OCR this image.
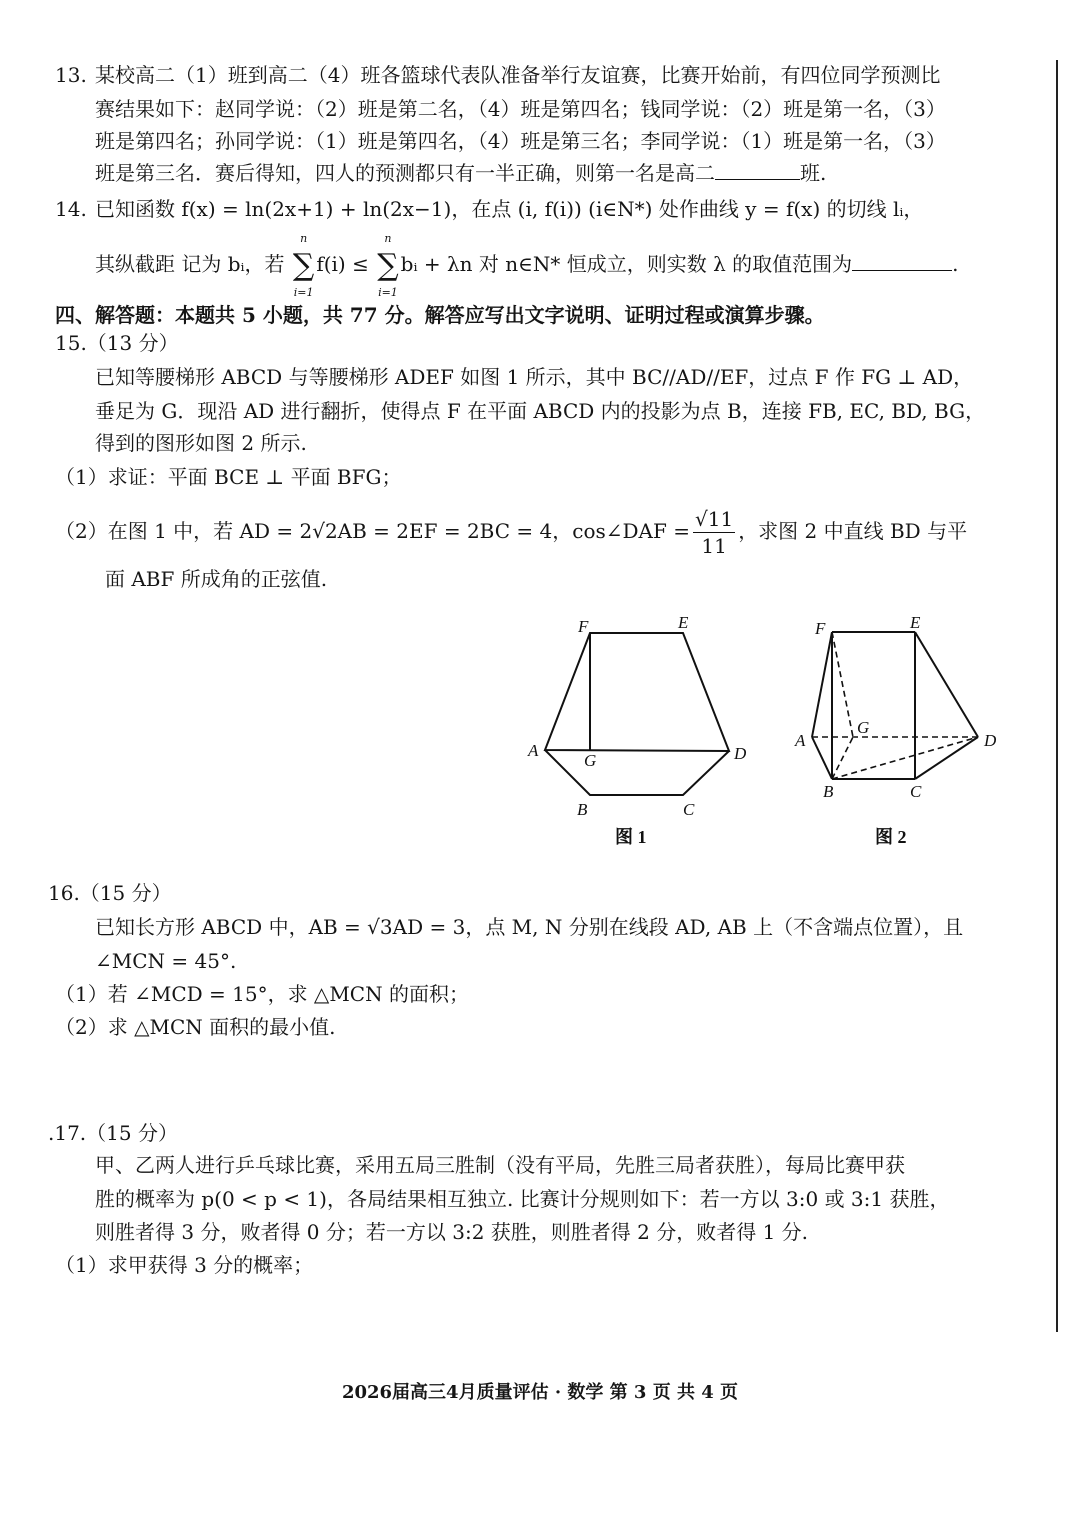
13. 某校高二（1）班到高二（4）班各篮球代表队准备举行友谊赛，比赛开始前，有四位同学预测比
赛结果如下：赵同学说：（2）班是第二名，（4）班是第四名；钱同学说：（2）班是第一名，（3）
班是第四名；孙同学说：（1）班是第四名，（4）班是第三名；李同学说：（1）班是第一名，（3）
班是第三名．赛后得知，四人的预测都只有一半正确，则第一名是高二	班.
14. 已知函数 f(x) = ln(2x+1) + ln(2x−1)，在点 (i, f(i)) (i∈N*) 处作曲线 y = f(x) 的切线 lᵢ，
其纵截距 记为 bᵢ，若
n
∑
i=1
f(i) ≤
n
∑
i=1
bᵢ + λn 对 n∈N* 恒成立，则实数 λ 的取值范围为	.
四、解答题：本题共 5 小题，共 77 分。解答应写出文字说明、证明过程或演算步骤。
15.（13 分）
已知等腰梯形 ABCD 与等腰梯形 ADEF 如图 1 所示，其中 BC//AD//EF，过点 F 作 FG ⊥ AD，
垂足为 G．现沿 AD 进行翻折，使得点 F 在平面 ABCD 内的投影为点 B，连接 FB, EC, BD, BG，
得到的图形如图 2 所示.
（1）求证：平面 BCE ⊥ 平面 BFG；
（2）在图 1 中，若 AD = 2√2AB = 2EF = 2BC = 4，cos∠DAF = $\frac{√11}{11}$ ，求图 2 中直线 BD 与平
面 ABF 所成角的正弦值.
F	E
A
G	D
B	C
图 1
F	E
A
G
D
B	C
图 2
16.（15 分）
已知长方形 ABCD 中，AB = √3AD = 3，点 M, N 分别在线段 AD, AB 上（不含端点位置），且
∠MCN = 45°.
（1）若 ∠MCD = 15°，求 △MCN 的面积；
（2）求 △MCN 面积的最小值.
.17.（15 分）
甲、乙两人进行乒乓球比赛，采用五局三胜制（没有平局，先胜三局者获胜），每局比赛甲获
胜的概率为 p(0 < p < 1)，各局结果相互独立. 比赛计分规则如下：若一方以 3:0 或 3:1 获胜，
则胜者得 3 分，败者得 0 分；若一方以 3:2 获胜，则胜者得 2 分，败者得 1 分.
（1）求甲获得 3 分的概率；
2026届高三4月质量评估 · 数学 第 3 页 共 4 页
